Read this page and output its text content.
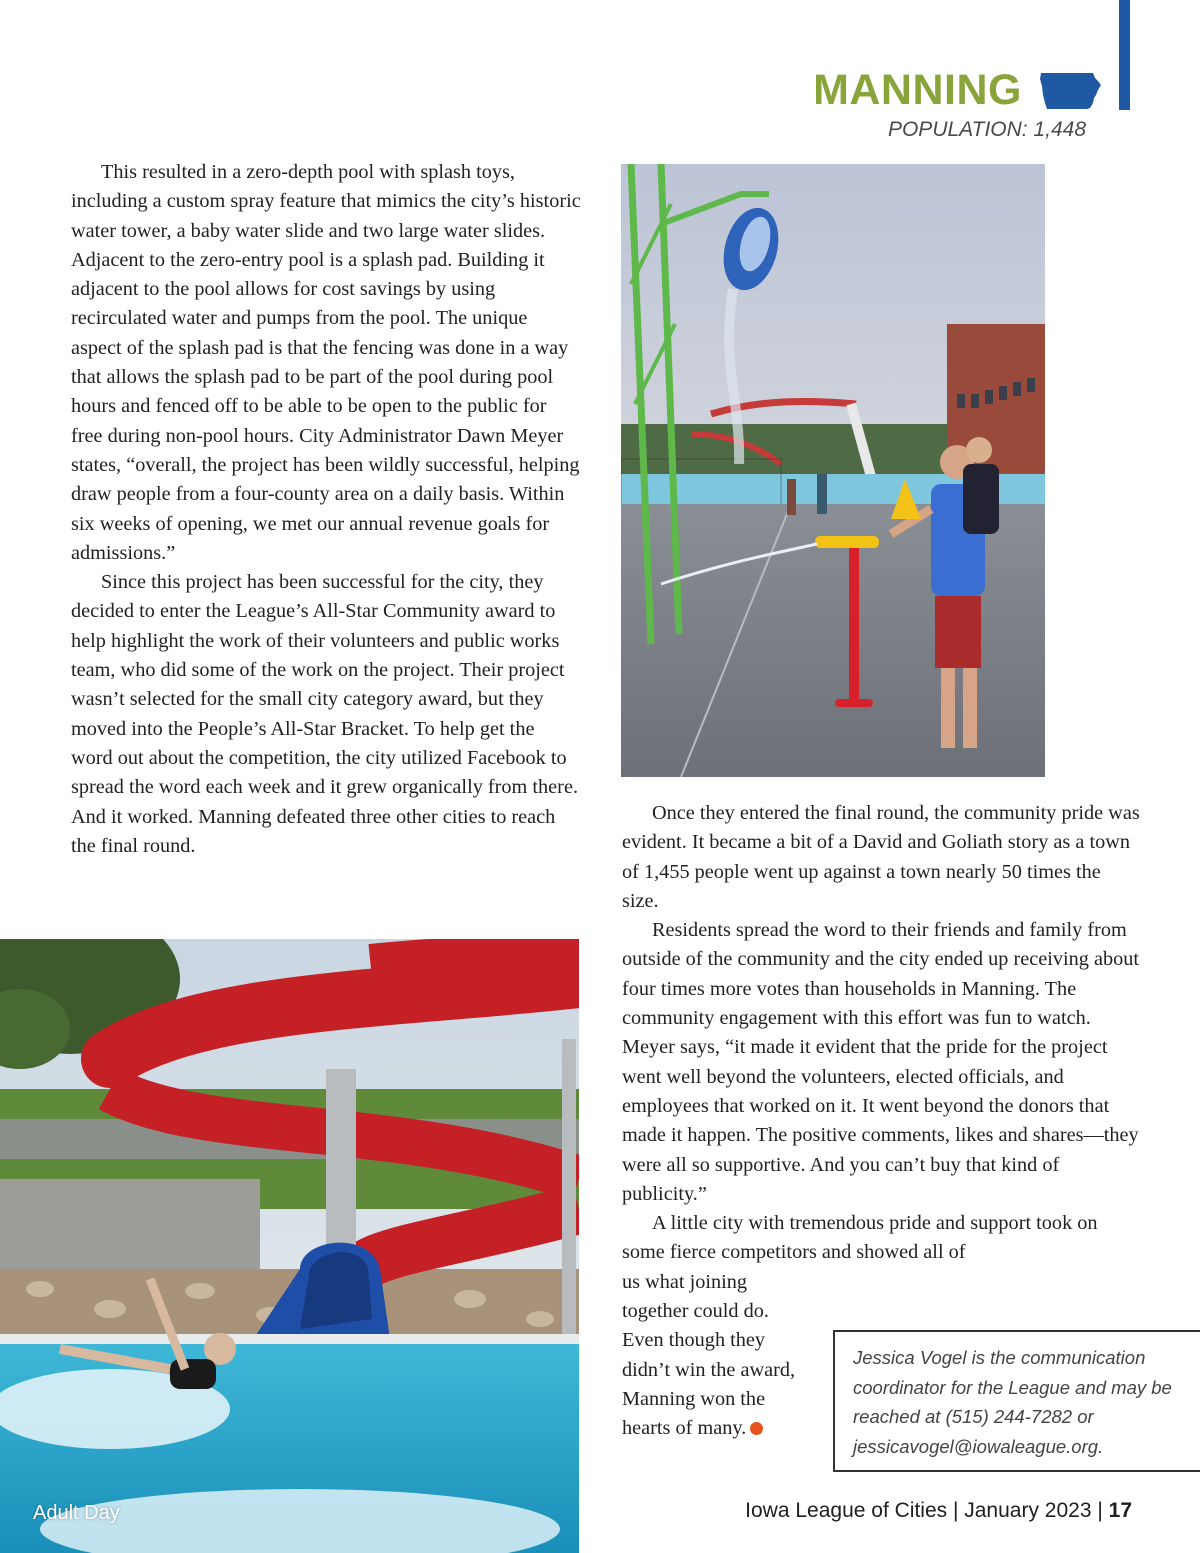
MANNING
POPULATION: 1,448

This resulted in a zero-depth pool with splash toys, including a custom spray feature that mimics the city’s historic water tower, a baby water slide and two large water slides. Adjacent to the zero-entry pool is a splash pad. Building it adjacent to the pool allows for cost savings by using recirculated water and pumps from the pool. The unique aspect of the splash pad is that the fencing was done in a way that allows the splash pad to be part of the pool during pool hours and fenced off to be able to be open to the public for free during non-pool hours. City Administrator Dawn Meyer states, “overall, the project has been wildly successful, helping draw people from a four-county area on a daily basis. Within six weeks of opening, we met our annual revenue goals for admissions.”

Since this project has been successful for the city, they decided to enter the League’s All-Star Community award to help highlight the work of their volunteers and public works team, who did some of the work on the project. Their project wasn’t selected for the small city category award, but they moved into the People’s All-Star Bracket. To help get the word out about the competition, the city utilized Facebook to spread the word each week and it grew organically from there. And it worked. Manning defeated three other cities to reach the final round.

Once they entered the final round, the community pride was evident. It became a bit of a David and Goliath story as a town of 1,455 people went up against a town nearly 50 times the size.

Residents spread the word to their friends and family from outside of the community and the city ended up receiving about four times more votes than households in Manning. The community engagement with this effort was fun to watch. Meyer says, “it made it evident that the pride for the project went well beyond the volunteers, elected officials, and employees that worked on it. It went beyond the donors that made it happen. The positive comments, likes and shares—they were all so supportive. And you can’t buy that kind of publicity.”

A little city with tremendous pride and support took on some fierce competitors and showed all of

us what joining together could do. Even though they didn’t win the award, Manning won the hearts of many.
Adult Day
Jessica Vogel is the communication coordinator for the League and may be reached at (515) 244-7282 or jessicavogel@iowaleague.org.
Iowa League of Cities | January 2023 | 17
